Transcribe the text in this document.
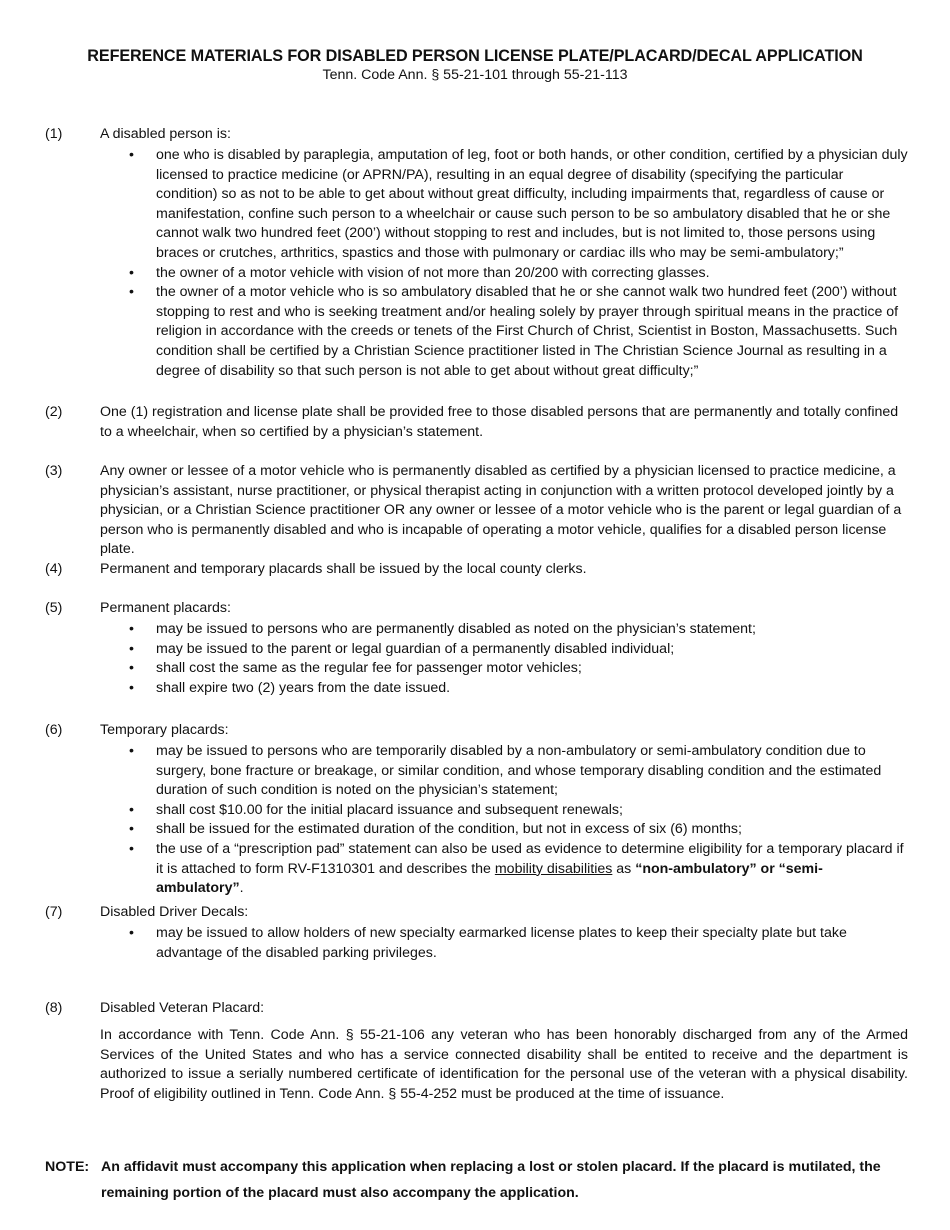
REFERENCE MATERIALS FOR DISABLED PERSON LICENSE PLATE/PLACARD/DECAL APPLICATION
Tenn. Code Ann. § 55-21-101 through 55-21-113
(1)	A disabled person is:
• one who is disabled by paraplegia, amputation of leg, foot or both hands, or other condition, certified by a physician duly licensed to practice medicine (or APRN/PA), resulting in an equal degree of disability (specifying the particular condition) so as not to be able to get about without great difficulty, including impairments that, regardless of cause or manifestation, confine such person to a wheelchair or cause such person to be so ambulatory disabled that he or she cannot walk two hundred feet (200’) without stopping to rest and includes, but is not limited to, those persons using braces or crutches, arthritics, spastics and those with pulmonary or cardiac ills who may be semi-ambulatory;”
• the owner of a motor vehicle with vision of not more than 20/200 with correcting glasses.
• the owner of a motor vehicle who is so ambulatory disabled that he or she cannot walk two hundred feet (200’) without stopping to rest and who is seeking treatment and/or healing solely by prayer through spiritual means in the practice of religion in accordance with the creeds or tenets of the First Church of Christ, Scientist in Boston, Massachusetts. Such condition shall be certified by a Christian Science practitioner listed in The Christian Science Journal as resulting in a degree of disability so that such person is not able to get about without great difficulty;”
(2)	One (1) registration and license plate shall be provided free to those disabled persons that are permanently and totally confined to a wheelchair, when so certified by a physician’s statement.
(3)	Any owner or lessee of a motor vehicle who is permanently disabled as certified by a physician licensed to practice medicine, a physician’s assistant, nurse practitioner, or physical therapist acting in conjunction with a written protocol developed jointly by a physician, or a Christian Science practitioner OR any owner or lessee of a motor vehicle who is the parent or legal guardian of a person who is permanently disabled and who is incapable of operating a motor vehicle, qualifies for a disabled person license plate.
(4)	Permanent and temporary placards shall be issued by the local county clerks.
(5)	Permanent placards:
• may be issued to persons who are permanently disabled as noted on the physician’s statement;
• may be issued to the parent or legal guardian of a permanently disabled individual;
• shall cost the same as the regular fee for passenger motor vehicles;
• shall expire two (2) years from the date issued.
(6)	Temporary placards:
• may be issued to persons who are temporarily disabled by a non-ambulatory or semi-ambulatory condition due to surgery, bone fracture or breakage, or similar condition, and whose temporary disabling condition and the estimated duration of such condition is noted on the physician’s statement;
• shall cost $10.00 for the initial placard issuance and subsequent renewals;
• shall be issued for the estimated duration of the condition, but not in excess of six (6) months;
• the use of a “prescription pad” statement can also be used as evidence to determine eligibility for a temporary placard if it is attached to form RV-F1310301 and describes the mobility disabilities as “non-ambulatory” or “semi-ambulatory”.
(7)	Disabled Driver Decals:
• may be issued to allow holders of new specialty earmarked license plates to keep their specialty plate but take advantage of the disabled parking privileges.
(8)	Disabled Veteran Placard:
In accordance with Tenn. Code Ann. § 55-21-106 any veteran who has been honorably discharged from any of the Armed Services of the United States and who has a service connected disability shall be entited to receive and the department is authorized to issue a serially numbered certificate of identification for the personal use of the veteran with a physical disability. Proof of eligibility outlined in Tenn. Code Ann. § 55-4-252 must be produced at the time of issuance.
NOTE: An affidavit must accompany this application when replacing a lost or stolen placard. If the placard is mutilated, the remaining portion of the placard must also accompany the application.
